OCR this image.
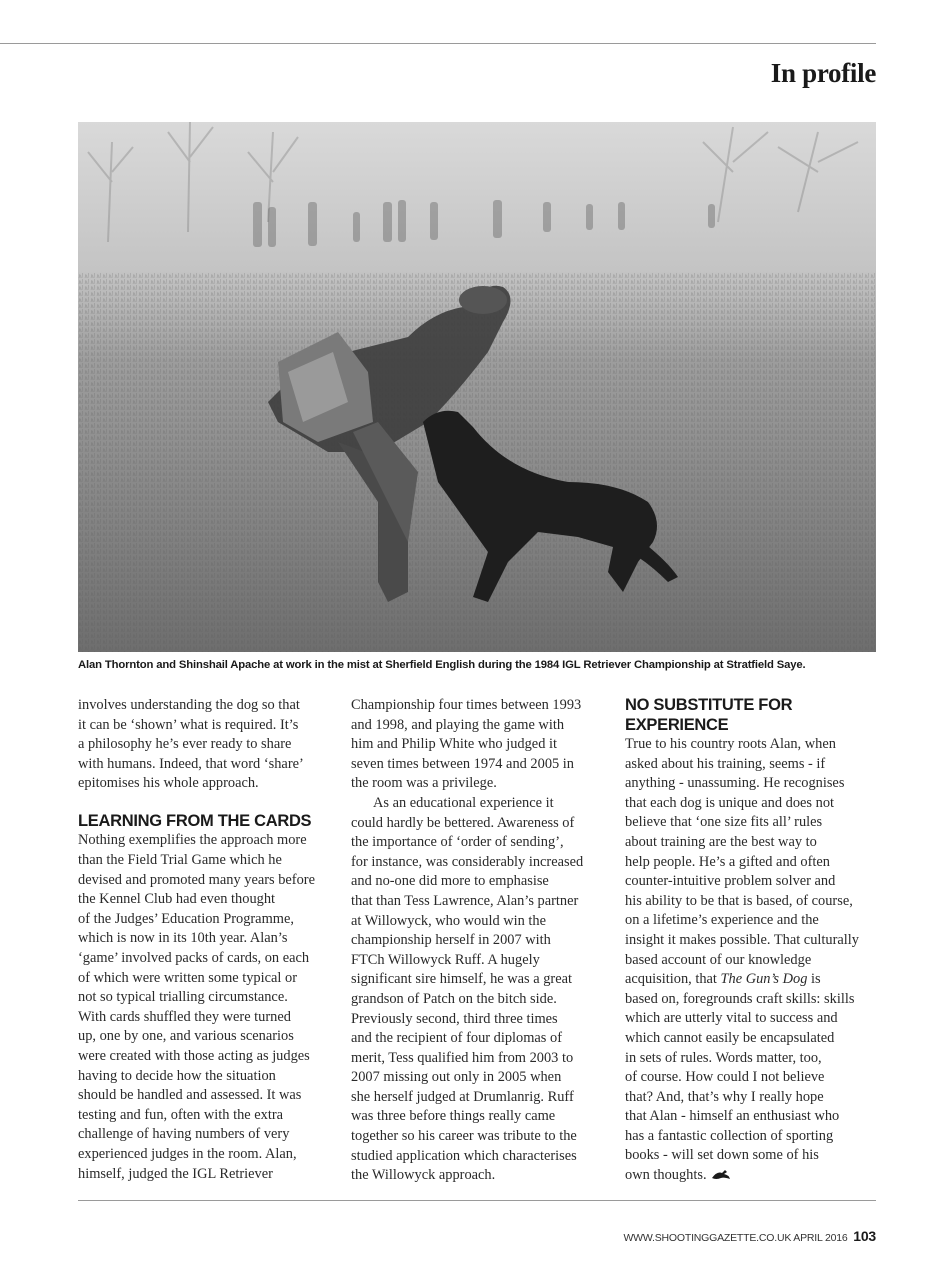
In profile
Alan Thornton and Shinshail Apache at work in the mist at Sherfield English during the 1984 IGL Retriever Championship at Stratfield Saye.

involves understanding the dog so that
it can be ‘shown’ what is required. It’s
a philosophy he’s ever ready to share
with humans. Indeed, that word ‘share’
epitomises his whole approach.

LEARNING FROM THE CARDS

Nothing exemplifies the approach more
than the Field Trial Game which he
devised and promoted many years before
the Kennel Club had even thought
of the Judges’ Education Programme,
which is now in its 10th year. Alan’s
‘game’ involved packs of cards, on each
of which were written some typical or
not so typical trialling circumstance.
With cards shuffled they were turned
up, one by one, and various scenarios
were created with those acting as judges
having to decide how the situation
should be handled and assessed. It was
testing and fun, often with the extra
challenge of having numbers of very
experienced judges in the room. Alan,
himself, judged the IGL Retriever

Championship four times between 1993
and 1998, and playing the game with
him and Philip White who judged it
seven times between 1974 and 2005 in
the room was a privilege.

As an educational experience it
could hardly be bettered. Awareness of
the importance of ‘order of sending’,
for instance, was considerably increased
and no-one did more to emphasise
that than Tess Lawrence, Alan’s partner
at Willowyck, who would win the
championship herself in 2007 with
FTCh Willowyck Ruff. A hugely
significant sire himself, he was a great
grandson of Patch on the bitch side.
Previously second, third three times
and the recipient of four diplomas of
merit, Tess qualified him from 2003 to
2007 missing out only in 2005 when
she herself judged at Drumlanrig. Ruff
was three before things really came
together so his career was tribute to the
studied application which characterises
the Willowyck approach.

NO SUBSTITUTE FOR
EXPERIENCE

True to his country roots Alan, when
asked about his training, seems - if
anything - unassuming. He recognises
that each dog is unique and does not
believe that ‘one size fits all’ rules
about training are the best way to
help people. He’s a gifted and often
counter-intuitive problem solver and
his ability to be that is based, of course,
on a lifetime’s experience and the
insight it makes possible. That culturally
based account of our knowledge
acquisition, that The Gun’s Dog is
based on, foregrounds craft skills: skills
which are utterly vital to success and
which cannot easily be encapsulated
in sets of rules. Words matter, too,
of course. How could I not believe
that? And, that’s why I really hope
that Alan - himself an enthusiast who
has a fantastic collection of sporting
books - will set down some of his
own thoughts.

WWW.SHOOTINGGAZETTE.CO.UK APRIL 2016 103
